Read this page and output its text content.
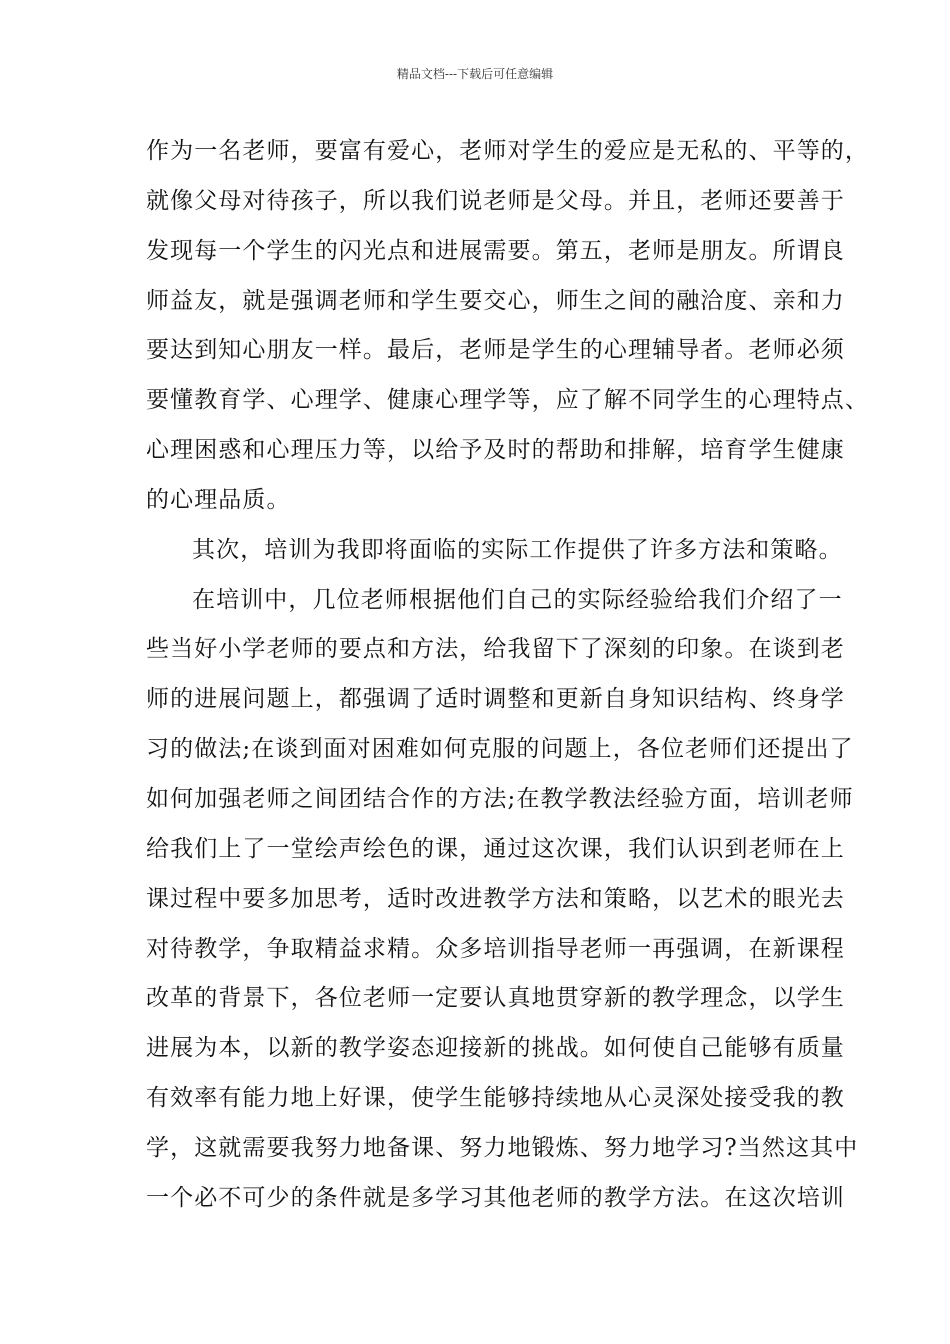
精品文档---下载后可任意编辑
作为一名老师，要富有爱心，老师对学生的爱应是无私的、平等的，
就像父母对待孩子，所以我们说老师是父母。并且，老师还要善于
发现每一个学生的闪光点和进展需要。第五，老师是朋友。所谓良
师益友，就是强调老师和学生要交心，师生之间的融洽度、亲和力
要达到知心朋友一样。最后，老师是学生的心理辅导者。老师必须
要懂教育学、心理学、健康心理学等，应了解不同学生的心理特点、
心理困惑和心理压力等，以给予及时的帮助和排解，培育学生健康
的心理品质。
其次，培训为我即将面临的实际工作提供了许多方法和策略。
在培训中，几位老师根据他们自己的实际经验给我们介绍了一
些当好小学老师的要点和方法，给我留下了深刻的印象。在谈到老
师的进展问题上，都强调了适时调整和更新自身知识结构、终身学
习的做法;在谈到面对困难如何克服的问题上，各位老师们还提出了
如何加强老师之间团结合作的方法;在教学教法经验方面，培训老师
给我们上了一堂绘声绘色的课，通过这次课，我们认识到老师在上
课过程中要多加思考，适时改进教学方法和策略，以艺术的眼光去
对待教学，争取精益求精。众多培训指导老师一再强调，在新课程
改革的背景下，各位老师一定要认真地贯穿新的教学理念，以学生
进展为本，以新的教学姿态迎接新的挑战。如何使自己能够有质量
有效率有能力地上好课，使学生能够持续地从心灵深处接受我的教
学，这就需要我努力地备课、努力地锻炼、努力地学习?当然这其中
一个必不可少的条件就是多学习其他老师的教学方法。在这次培训
